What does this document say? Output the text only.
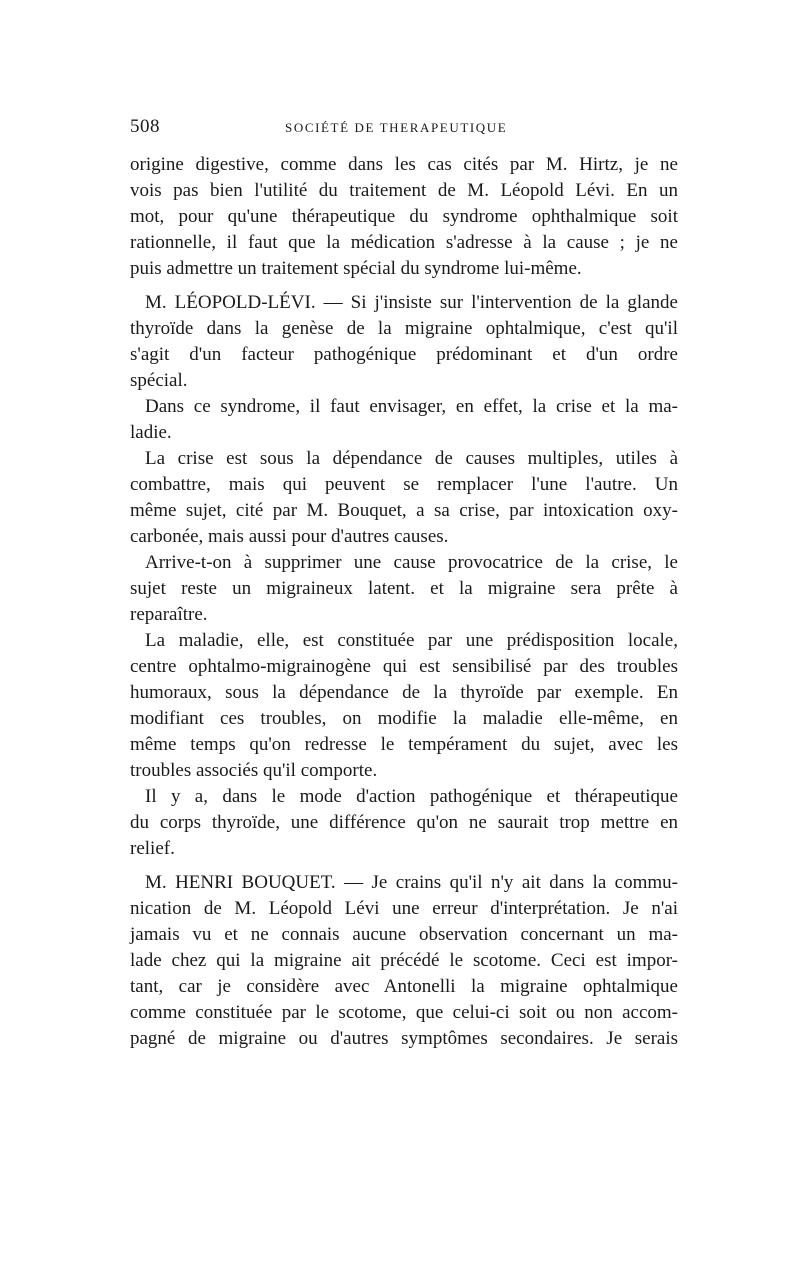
508	SOCIÉTÉ DE THERAPEUTIQUE
origine digestive, comme dans les cas cités par M. Hirtz, je ne
vois pas bien l'utilité du traitement de M. Léopold Lévi. En un
mot, pour qu'une thérapeutique du syndrome ophthalmique soit
rationnelle, il faut que la médication s'adresse à la cause ; je ne
puis admettre un traitement spécial du syndrome lui-même.
M. LÉOPOLD-LÉVI. — Si j'insiste sur l'intervention de la glande
thyroïde dans la genèse de la migraine ophtalmique, c'est qu'il
s'agit d'un facteur pathogénique prédominant et d'un ordre
spécial.
Dans ce syndrome, il faut envisager, en effet, la crise et la ma-
ladie.
La crise est sous la dépendance de causes multiples, utiles à
combattre, mais qui peuvent se remplacer l'une l'autre. Un
même sujet, cité par M. Bouquet, a sa crise, par intoxication oxy-
carbonée, mais aussi pour d'autres causes.
Arrive-t-on à supprimer une cause provocatrice de la crise, le
sujet reste un migraineux latent. et la migraine sera prête à
reparaître.
La maladie, elle, est constituée par une prédisposition locale,
centre ophtalmo-migrainogène qui est sensibilisé par des troubles
humoraux, sous la dépendance de la thyroïde par exemple. En
modifiant ces troubles, on modifie la maladie elle-même, en
même temps qu'on redresse le tempérament du sujet, avec les
troubles associés qu'il comporte.
Il y a, dans le mode d'action pathogénique et thérapeutique
du corps thyroïde, une différence qu'on ne saurait trop mettre en
relief.
M. HENRI BOUQUET. — Je crains qu'il n'y ait dans la commu-
nication de M. Léopold Lévi une erreur d'interprétation. Je n'ai
jamais vu et ne connais aucune observation concernant un ma-
lade chez qui la migraine ait précédé le scotome. Ceci est impor-
tant, car je considère avec Antonelli la migraine ophtalmique
comme constituée par le scotome, que celui-ci soit ou non accom-
pagné de migraine ou d'autres symptômes secondaires. Je serais
